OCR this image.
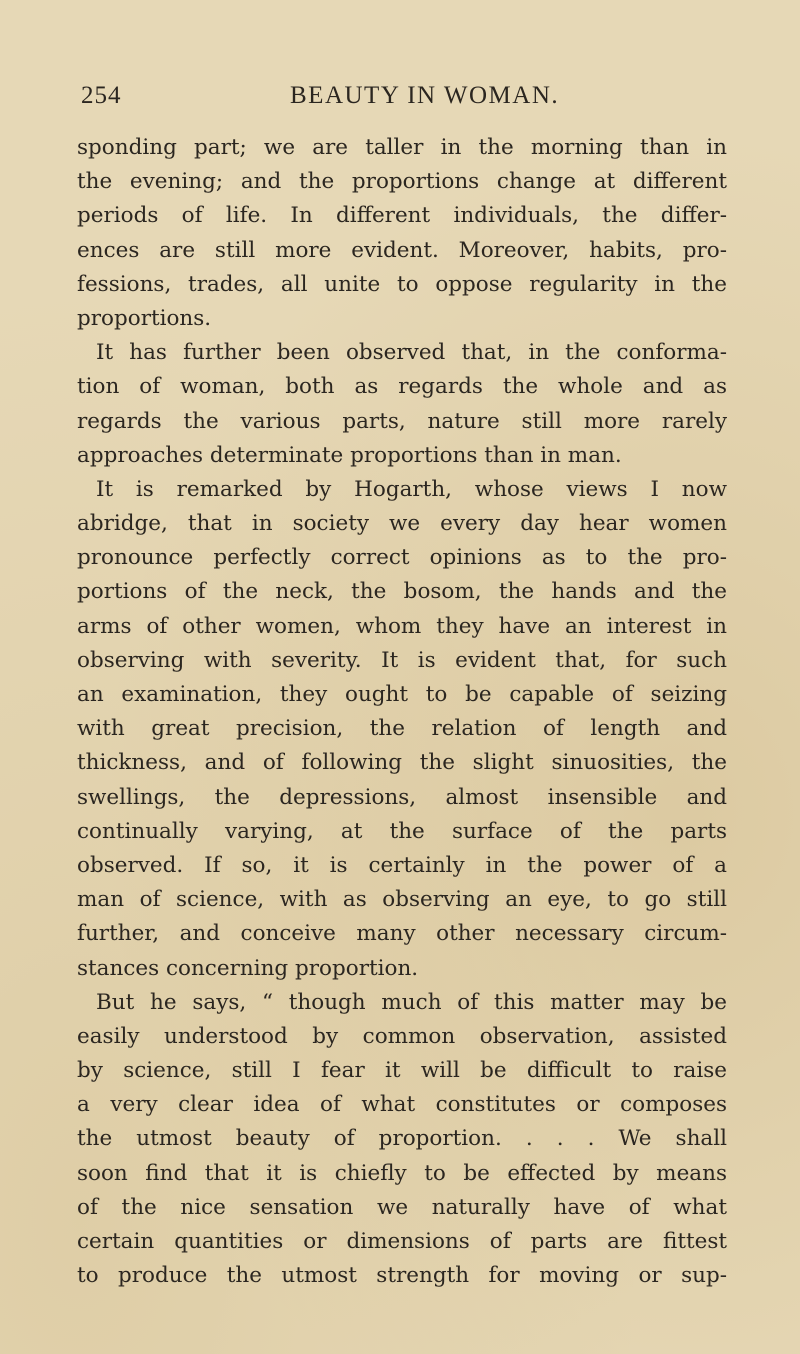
254	BEAUTY IN WOMAN.
sponding part; we are taller in the morning than in
the evening; and the proportions change at different
periods of life. In different individuals, the differ-
ences are still more evident. Moreover, habits, pro-
fessions, trades, all unite to oppose regularity in the
proportions.
It has further been observed that, in the conforma-
tion of woman, both as regards the whole and as
regards the various parts, nature still more rarely
approaches determinate proportions than in man.
It is remarked by Hogarth, whose views I now
abridge, that in society we every day hear women
pronounce perfectly correct opinions as to the pro-
portions of the neck, the bosom, the hands and the
arms of other women, whom they have an interest in
observing with severity. It is evident that, for such
an examination, they ought to be capable of seizing
with great precision, the relation of length and
thickness, and of following the slight sinuosities, the
swellings, the depressions, almost insensible and
continually varying, at the surface of the parts
observed. If so, it is certainly in the power of a
man of science, with as observing an eye, to go still
further, and conceive many other necessary circum-
stances concerning proportion.
But he says, “ though much of this matter may be
easily understood by common observation, assisted
by science, still I fear it will be difficult to raise
a very clear idea of what constitutes or composes
the utmost beauty of proportion. . . . We shall
soon find that it is chiefly to be effected by means
of the nice sensation we naturally have of what
certain quantities or dimensions of parts are fittest
to produce the utmost strength for moving or sup-
